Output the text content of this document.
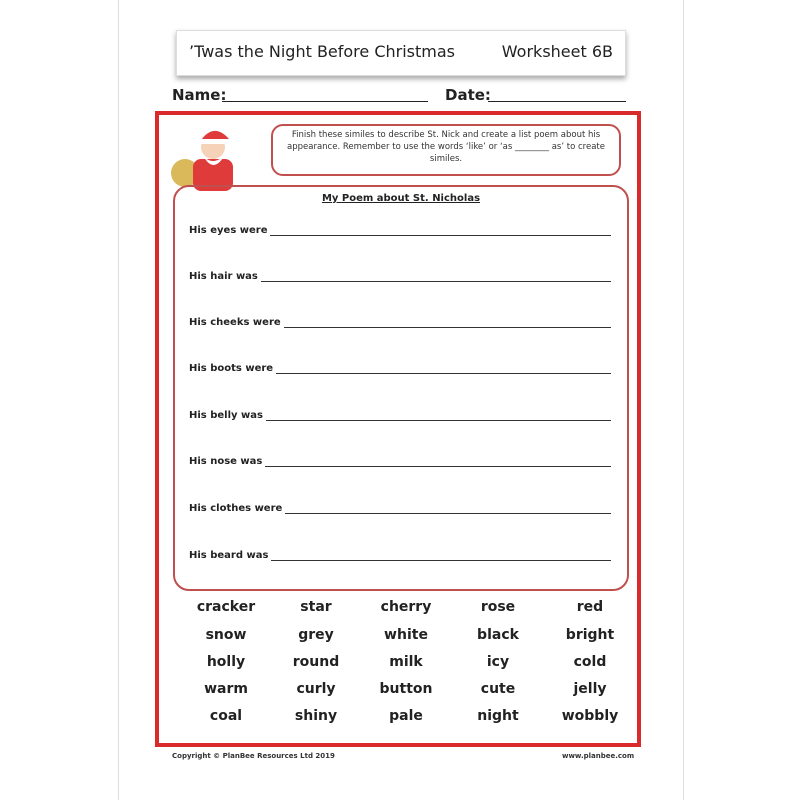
’Twas the Night Before Christmas	Worksheet 6B
Name:	Date:
Finish these similes to describe St. Nick and create a list poem about his appearance. Remember to use the words ‘like’ or ‘as ________ as’ to create similes.
My Poem about St. Nicholas
His eyes were
His hair was
His cheeks were
His boots were
His belly was
His nose was
His clothes were
His beard was
cracker	star	cherry	rose	red
snow	grey	white	black	bright
holly	round	milk	icy	cold
warm	curly	button	cute	jelly
coal	shiny	pale	night	wobbly
Copyright © PlanBee Resources Ltd 2019	www.planbee.com
